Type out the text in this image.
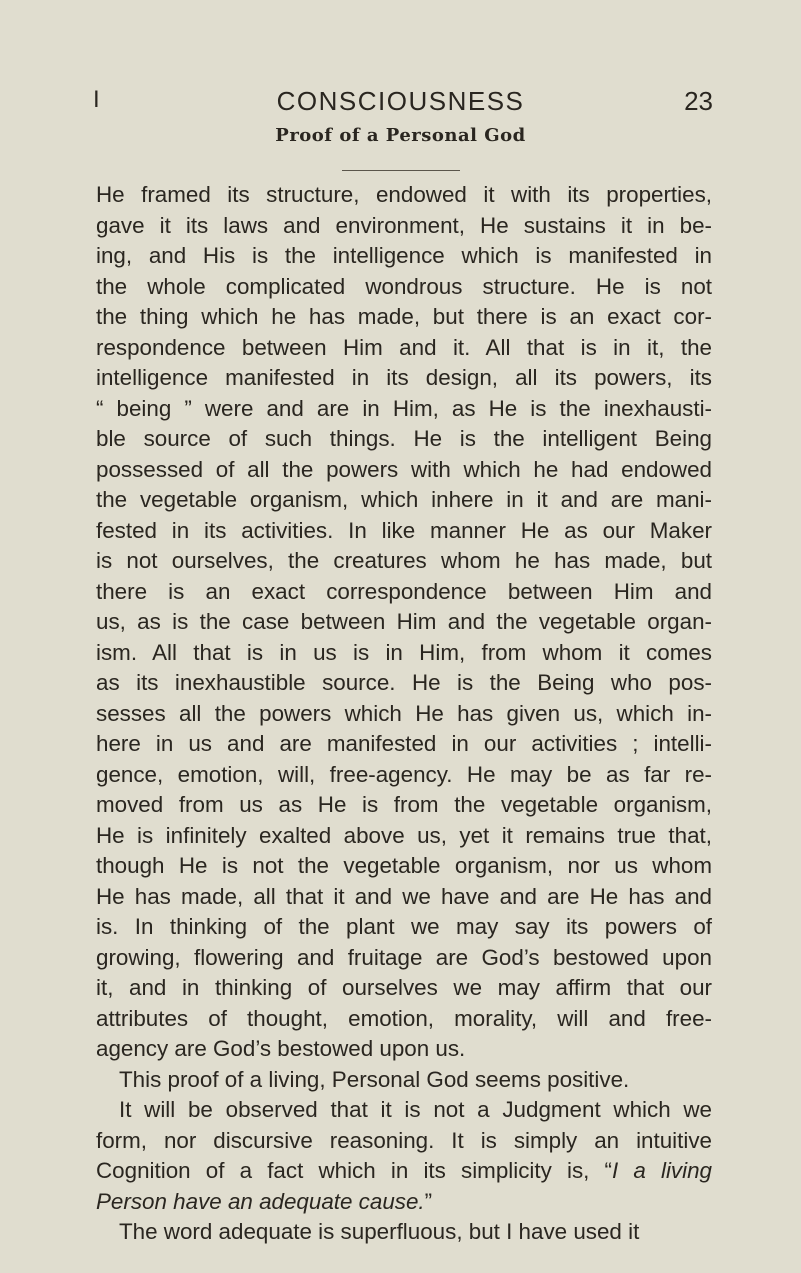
I	CONSCIOUSNESS	23
Proof of a Personal God
He framed its structure, endowed it with its properties,
gave it its laws and environment, He sustains it in be-
ing, and His is the intelligence which is manifested in
the whole complicated wondrous structure. He is not
the thing which he has made, but there is an exact cor-
respondence between Him and it. All that is in it, the
intelligence manifested in its design, all its powers, its
“ being ” were and are in Him, as He is the inexhausti-
ble source of such things. He is the intelligent Being
possessed of all the powers with which he had endowed
the vegetable organism, which inhere in it and are mani-
fested in its activities. In like manner He as our Maker
is not ourselves, the creatures whom he has made, but
there is an exact correspondence between Him and
us, as is the case between Him and the vegetable organ-
ism. All that is in us is in Him, from whom it comes
as its inexhaustible source. He is the Being who pos-
sesses all the powers which He has given us, which in-
here in us and are manifested in our activities ; intelli-
gence, emotion, will, free-agency. He may be as far re-
moved from us as He is from the vegetable organism,
He is infinitely exalted above us, yet it remains true that,
though He is not the vegetable organism, nor us whom
He has made, all that it and we have and are He has and
is. In thinking of the plant we may say its powers of
growing, flowering and fruitage are God’s bestowed upon
it, and in thinking of ourselves we may affirm that our
attributes of thought, emotion, morality, will and free-
agency are God’s bestowed upon us.
This proof of a living, Personal God seems positive.
It will be observed that it is not a Judgment which we
form, nor discursive reasoning. It is simply an intuitive
Cognition of a fact which in its simplicity is, “I a living
Person have an adequate cause.”
The word adequate is superfluous, but I have used it
